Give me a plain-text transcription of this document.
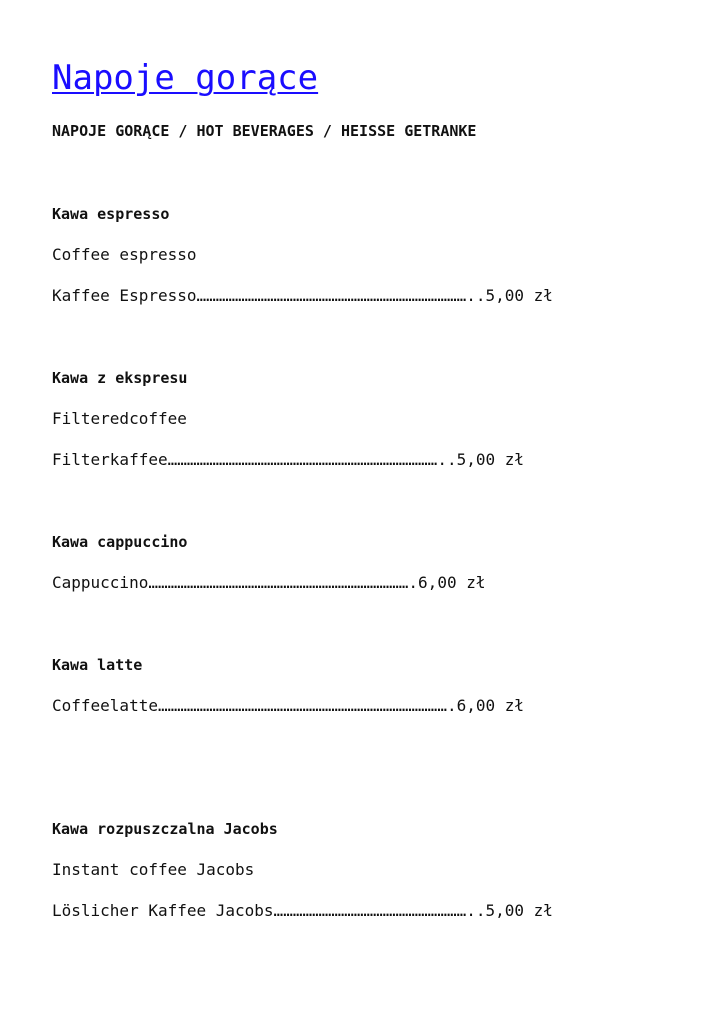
Napoje gorące
NAPOJE GORĄCE / HOT BEVERAGES / HEISSE GETRANKE
Kawa espresso
Coffee espresso
Kaffee Espresso…………………………………………………………………………..5,00 zł
Kawa z ekspresu
Filteredcoffee
Filterkaffee…………………………………………………………………………..5,00 zł
Kawa cappuccino
Cappuccino……………………………………………………………………….6,00 zł
Kawa latte
Coffeelatte……………………………………………………………………………….6,00 zł
Kawa rozpuszczalna Jacobs
Instant coffee Jacobs
Löslicher Kaffee Jacobs……………………………………………………..5,00 zł
